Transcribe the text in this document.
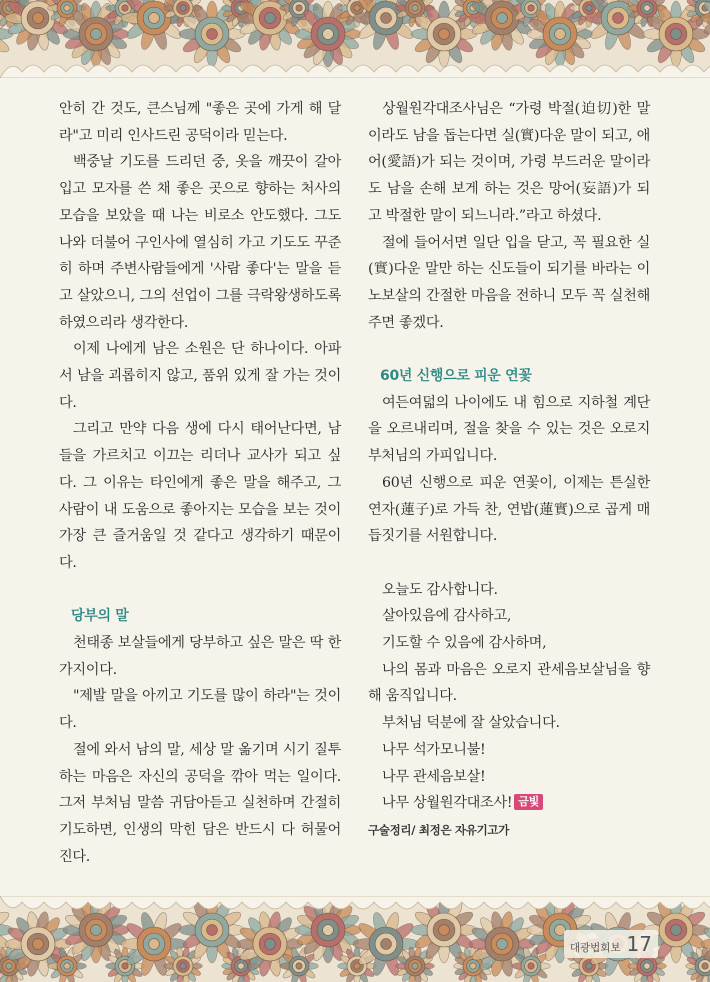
안히 간 것도, 큰스님께 "좋은 곳에 가게 해 달라"고 미리 인사드린 공덕이라 믿는다.

백중날 기도를 드리던 중, 옷을 깨끗이 갈아입고 모자를 쓴 채 좋은 곳으로 향하는 처사의 모습을 보았을 때 나는 비로소 안도했다. 그도 나와 더불어 구인사에 열심히 가고 기도도 꾸준히 하며 주변사람들에게 '사람 좋다'는 말을 듣고 살았으니, 그의 선업이 그를 극락왕생하도록 하였으리라 생각한다.

이제 나에게 남은 소원은 단 하나이다. 아파서 남을 괴롭히지 않고, 품위 있게 잘 가는 것이다.

그리고 만약 다음 생에 다시 태어난다면, 남들을 가르치고 이끄는 리더나 교사가 되고 싶다. 그 이유는 타인에게 좋은 말을 해주고, 그 사람이 내 도움으로 좋아지는 모습을 보는 것이 가장 큰 즐거움일 것 같다고 생각하기 때문이다.

당부의 말

천태종 보살들에게 당부하고 싶은 말은 딱 한 가지이다.

"제발 말을 아끼고 기도를 많이 하라"는 것이다.

절에 와서 남의 말, 세상 말 옮기며 시기 질투하는 마음은 자신의 공덕을 깎아 먹는 일이다. 그저 부처님 말씀 귀담아듣고 실천하며 간절히 기도하면, 인생의 막힌 담은 반드시 다 허물어진다.

상월원각대조사님은 “가령 박절(迫切)한 말이라도 남을 돕는다면 실(實)다운 말이 되고, 애어(愛語)가 되는 것이며, 가령 부드러운 말이라도 남을 손해 보게 하는 것은 망어(妄語)가 되고 박절한 말이 되느니라.”라고 하셨다.

절에 들어서면 일단 입을 닫고, 꼭 필요한 실(實)다운 말만 하는 신도들이 되기를 바라는 이 노보살의 간절한 마음을 전하니 모두 꼭 실천해 주면 좋겠다.

60년 신행으로 피운 연꽃

여든여덟의 나이에도 내 힘으로 지하철 계단을 오르내리며, 절을 찾을 수 있는 것은 오로지 부처님의 가피입니다.

60년 신행으로 피운 연꽃이, 이제는 튼실한 연자(蓮子)로 가득 찬, 연밥(蓮實)으로 곱게 매듭짓기를 서원합니다.

오늘도 감사합니다.

살아있음에 감사하고,

기도할 수 있음에 감사하며,

나의 몸과 마음은 오로지 관세음보살님을 향해 움직입니다.

부처님 덕분에 잘 살았습니다.

나무 석가모니불!

나무 관세음보살!

나무 상월원각대조사! 금빛

구술정리/ 최정은 자유기고가

대광법회보 17
